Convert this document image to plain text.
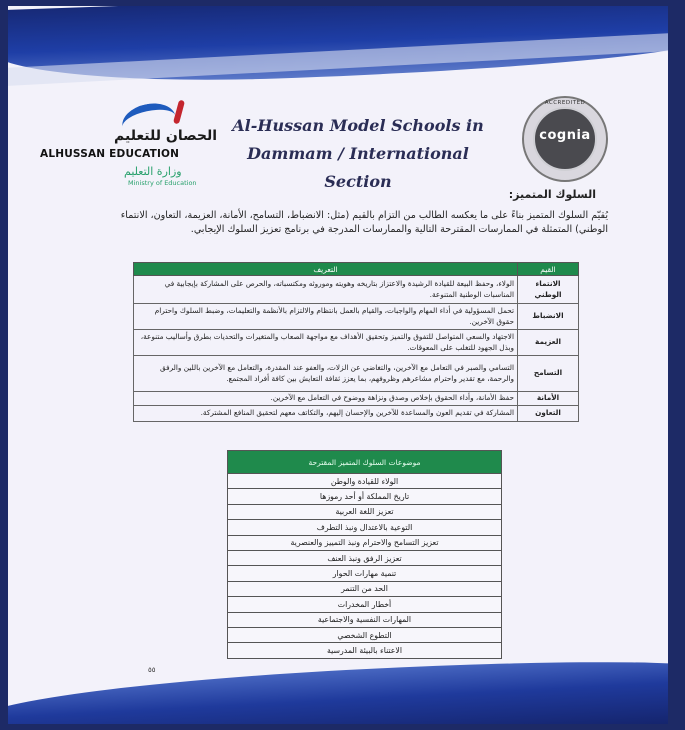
الحصان للتعليم
ALHUSSAN EDUCATION
وزارة التعليم
Ministry of Education
Al-Hussan Model Schools in
Dammam / International Section
ACCREDITED
cognia
السلوك المتميز:
يُقيّم السلوك المتميز بناءً على ما يعكسه الطالب من التزام بالقيم (مثل: الانضباط، التسامح، الأمانة، العزيمة، التعاون، الانتماء الوطني) المتمثلة في الممارسات المقترحة التالية والممارسات المدرجة في برنامج تعزيز السلوك الإيجابي.
القيم	التعريف
الانتماء الوطني	الولاء، وحفظ البيعة للقيادة الرشيدة والاعتزاز بتاريخه وهويته وموروثه ومكتسباته، والحرص على المشاركة بإيجابية في المناسبات الوطنية المتنوعة.
الانضباط	تحمل المسؤولية في أداء المهام والواجبات، والقيام بالعمل بانتظام والالتزام بالأنظمة والتعليمات، وضبط السلوك واحترام حقوق الآخرين.
العزيمة	الاجتهاد والسعي المتواصل للتفوق والتميز وتحقيق الأهداف مع مواجهة الصعاب والمتغيرات والتحديات بطرق وأساليب متنوعة، وبذل الجهود للتغلب على المعوقات.
التسامح	التسامي والصبر في التعامل مع الآخرين، والتغاضي عن الزلات، والعفو عند المقدرة، والتعامل مع الآخرين باللين والرفق والرحمة، مع تقدير واحترام مشاعرهم وظروفهم، بما يعزز ثقافة التعايش بين كافة أفراد المجتمع.
الأمانة	حفظ الأمانة، وأداء الحقوق بإخلاص وصدق ونزاهة ووضوح في التعامل مع الآخرين.
التعاون	المشاركة في تقديم العون والمساعدة للآخرين والإحسان إليهم، والتكاتف معهم لتحقيق المنافع المشتركة.
موضوعات السلوك المتميز المقترحة
الولاء للقيادة والوطن
تاريخ المملكة أو أحد رموزها
تعزيز اللغة العربية
التوعية بالاعتدال ونبذ التطرف
تعزيز التسامح والاحترام ونبذ التمييز والعنصرية
تعزيز الرفق ونبذ العنف
تنمية مهارات الحوار
الحد من التنمر
أخطار المخدرات
المهارات النفسية والاجتماعية
التطوع الشخصي
الاعتناء بالبيئة المدرسية
٥٥
